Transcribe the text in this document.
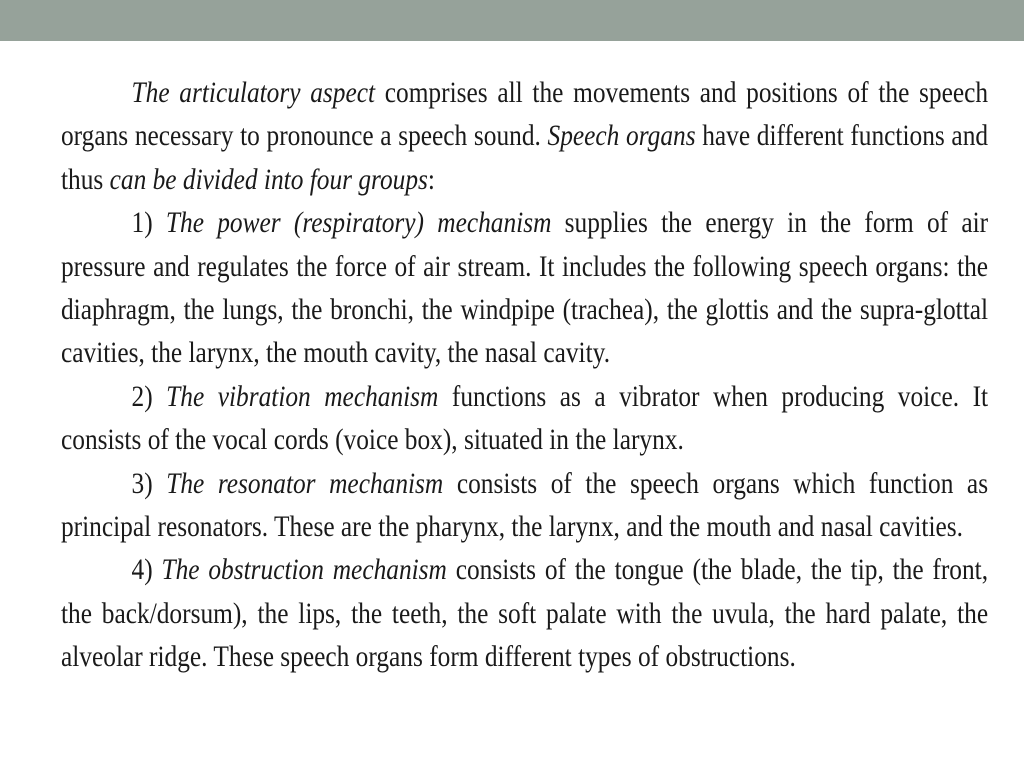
The articulatory aspect comprises all the movements and positions of the speech organs necessary to pronounce a speech sound. Speech organs have different functions and thus can be divided into four groups:

1) The power (respiratory) mechanism supplies the energy in the form of air pressure and regulates the force of air stream. It includes the following speech organs: the diaphragm, the lungs, the bronchi, the windpipe (trachea), the glottis and the supra-glottal cavities, the larynx, the mouth cavity, the nasal cavity.

2) The vibration mechanism functions as a vibrator when producing voice. It consists of the vocal cords (voice box), situated in the larynx.

3) The resonator mechanism consists of the speech organs which function as principal resonators. These are the pharynx, the larynx, and the mouth and nasal cavities.

4) The obstruction mechanism consists of the tongue (the blade, the tip, the front, the back/dorsum), the lips, the teeth, the soft palate with the uvula, the hard palate, the alveolar ridge. These speech organs form different types of obstructions.
